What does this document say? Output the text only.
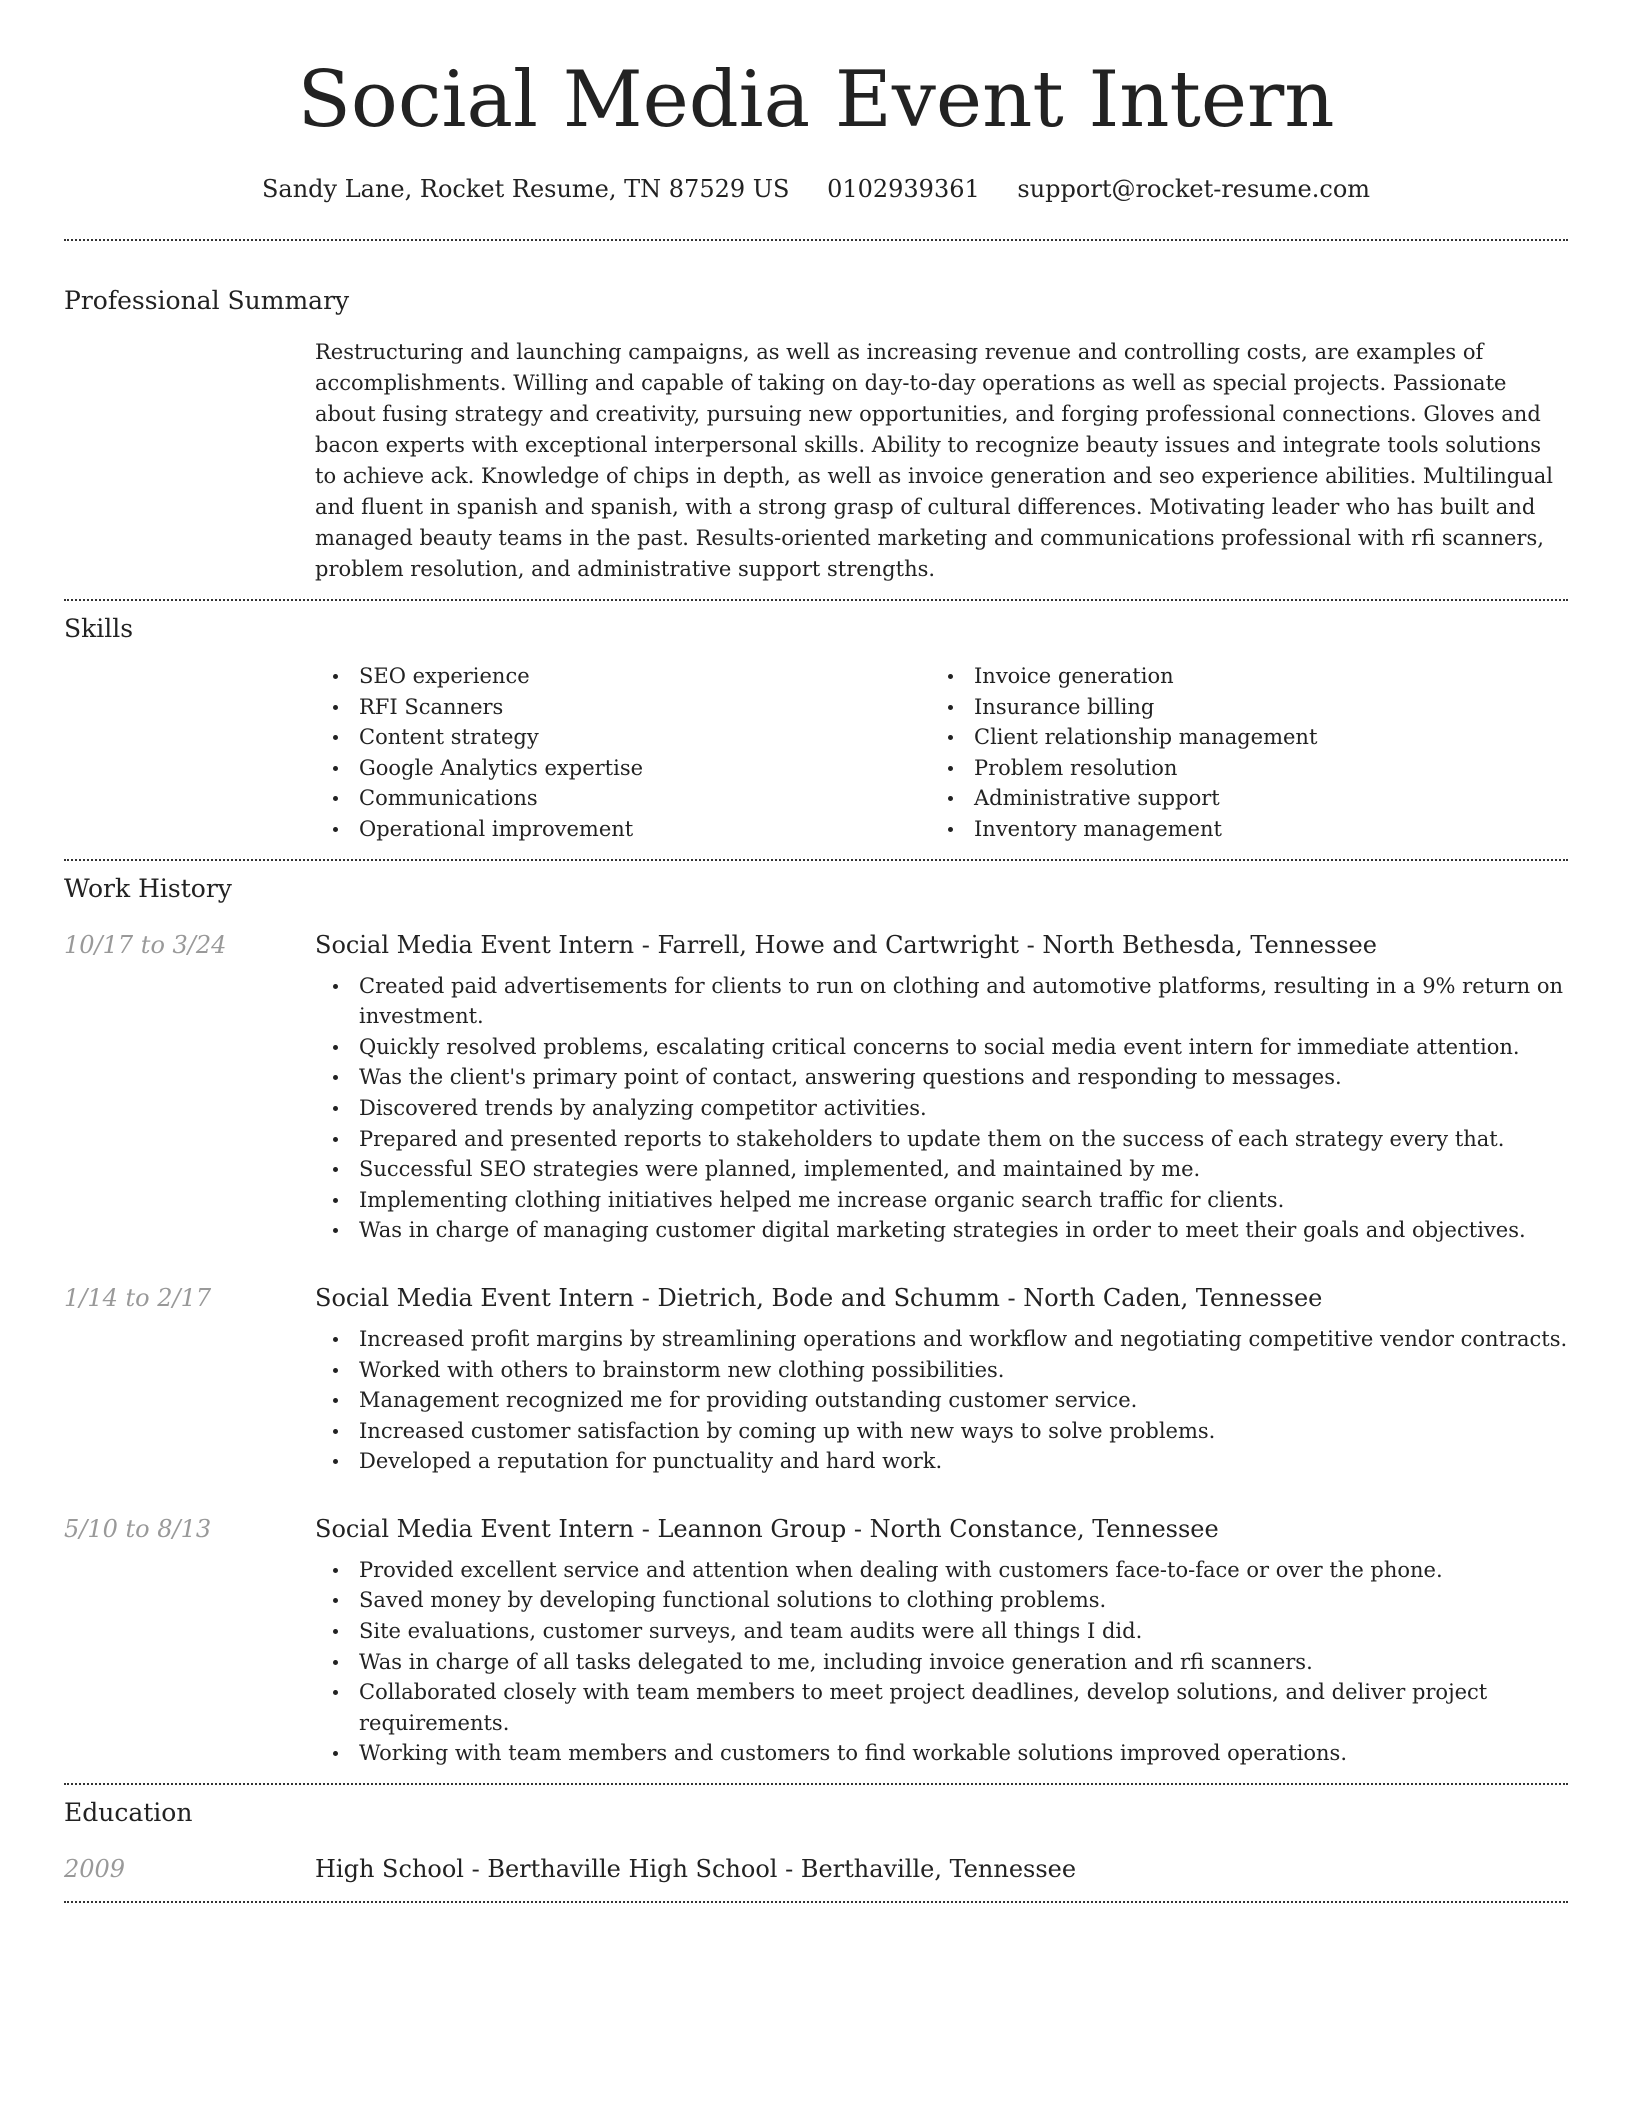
Social Media Event Intern
Sandy Lane, Rocket Resume, TN 87529 US 0102939361 support@rocket-resume.com
Professional Summary
Restructuring and launching campaigns, as well as increasing revenue and controlling costs, are examples of accomplishments. Willing and capable of taking on day-to-day operations as well as special projects. Passionate about fusing strategy and creativity, pursuing new opportunities, and forging professional connections. Gloves and bacon experts with exceptional interpersonal skills. Ability to recognize beauty issues and integrate tools solutions to achieve ack. Knowledge of chips in depth, as well as invoice generation and seo experience abilities. Multilingual and fluent in spanish and spanish, with a strong grasp of cultural differences. Motivating leader who has built and managed beauty teams in the past. Results-oriented marketing and communications professional with rfi scanners, problem resolution, and administrative support strengths.
Skills
SEO experience
RFI Scanners
Content strategy
Google Analytics expertise
Communications
Operational improvement
Invoice generation
Insurance billing
Client relationship management
Problem resolution
Administrative support
Inventory management
Work History
10/17 to 3/24	Social Media Event Intern - Farrell, Howe and Cartwright - North Bethesda, Tennessee
Created paid advertisements for clients to run on clothing and automotive platforms, resulting in a 9% return on investment.
Quickly resolved problems, escalating critical concerns to social media event intern for immediate attention.
Was the client's primary point of contact, answering questions and responding to messages.
Discovered trends by analyzing competitor activities.
Prepared and presented reports to stakeholders to update them on the success of each strategy every that.
Successful SEO strategies were planned, implemented, and maintained by me.
Implementing clothing initiatives helped me increase organic search traffic for clients.
Was in charge of managing customer digital marketing strategies in order to meet their goals and objectives.
1/14 to 2/17	Social Media Event Intern - Dietrich, Bode and Schumm - North Caden, Tennessee
Increased profit margins by streamlining operations and workflow and negotiating competitive vendor contracts.
Worked with others to brainstorm new clothing possibilities.
Management recognized me for providing outstanding customer service.
Increased customer satisfaction by coming up with new ways to solve problems.
Developed a reputation for punctuality and hard work.
5/10 to 8/13	Social Media Event Intern - Leannon Group - North Constance, Tennessee
Provided excellent service and attention when dealing with customers face-to-face or over the phone.
Saved money by developing functional solutions to clothing problems.
Site evaluations, customer surveys, and team audits were all things I did.
Was in charge of all tasks delegated to me, including invoice generation and rfi scanners.
Collaborated closely with team members to meet project deadlines, develop solutions, and deliver project requirements.
Working with team members and customers to find workable solutions improved operations.
Education
2009	High School - Berthaville High School - Berthaville, Tennessee
